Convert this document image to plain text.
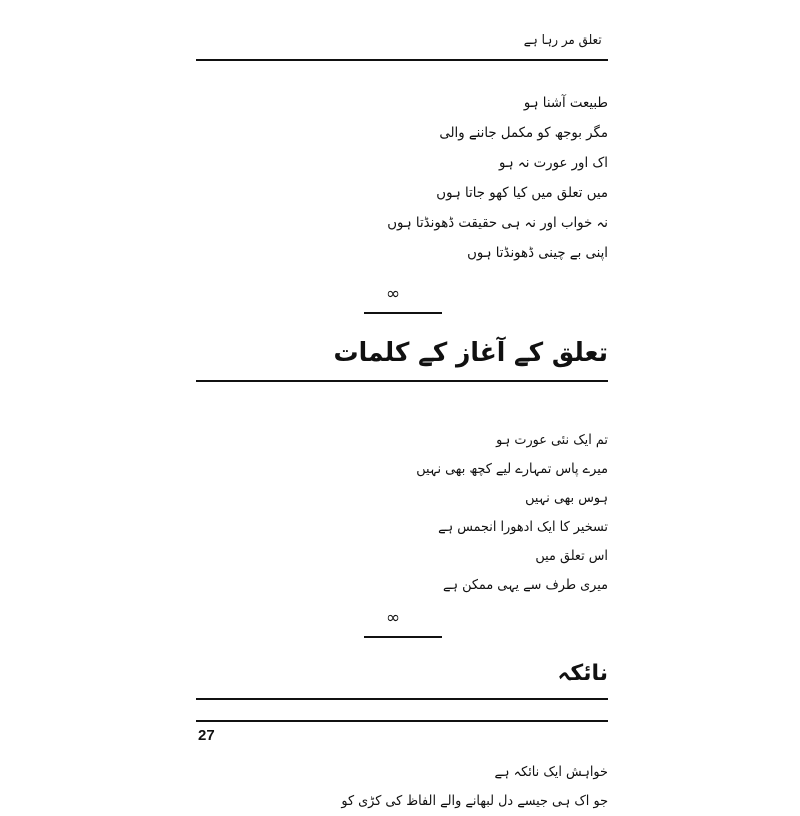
تعلق مر رہا ہے
طبیعت آشنا ہو
مگر بوجھ کو مکمل جاننے والی
اک اور عورت نہ ہو
میں تعلق میں کیا کھو جاتا ہوں
نہ خواب اور نہ ہی حقیقت ڈھونڈتا ہوں
اپنی بے چینی ڈھونڈتا ہوں
∞
تعلق کے آغاز کے کلمات
تم ایک نئی عورت ہو
میرے پاس تمہارے لیے کچھ بھی نہیں
ہوس بھی نہیں
تسخیر کا ایک ادھورا انجمس ہے
اس تعلق میں
میری طرف سے یہی ممکن ہے
∞
نائکہ
خواہش ایک نائکہ ہے
جو اک ہی جیسے دل لبھانے والے الفاظ کی کڑی کو
27
